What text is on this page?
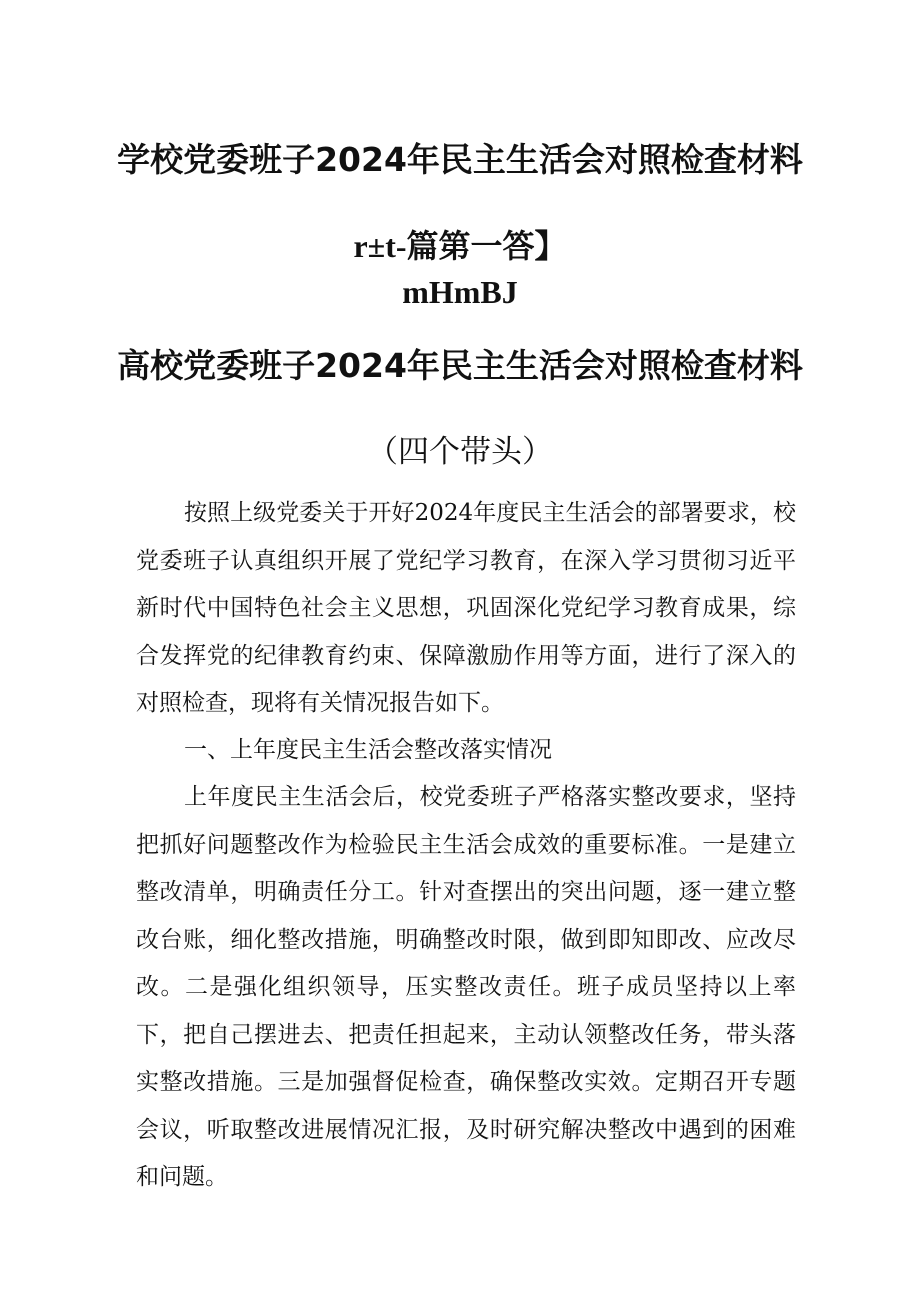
学校党委班子2024年民主生活会对照检查材料
r±t-篇第一答】
mHmBJ
高校党委班子2024年民主生活会对照检查材料
（四个带头）

按照上级党委关于开好2024年度民主生活会的部署要求，校党委班子认真组织开展了党纪学习教育，在深入学习贯彻习近平新时代中国特色社会主义思想，巩固深化党纪学习教育成果，综合发挥党的纪律教育约束、保障激励作用等方面，进行了深入的对照检查，现将有关情况报告如下。

一、上年度民主生活会整改落实情况

上年度民主生活会后，校党委班子严格落实整改要求，坚持把抓好问题整改作为检验民主生活会成效的重要标准。一是建立整改清单，明确责任分工。针对查摆出的突出问题，逐一建立整改台账，细化整改措施，明确整改时限，做到即知即改、应改尽改。二是强化组织领导，压实整改责任。班子成员坚持以上率下，把自己摆进去、把责任担起来，主动认领整改任务，带头落实整改措施。三是加强督促检查，确保整改实效。定期召开专题会议，听取整改进展情况汇报，及时研究解决整改中遇到的困难和问题。
